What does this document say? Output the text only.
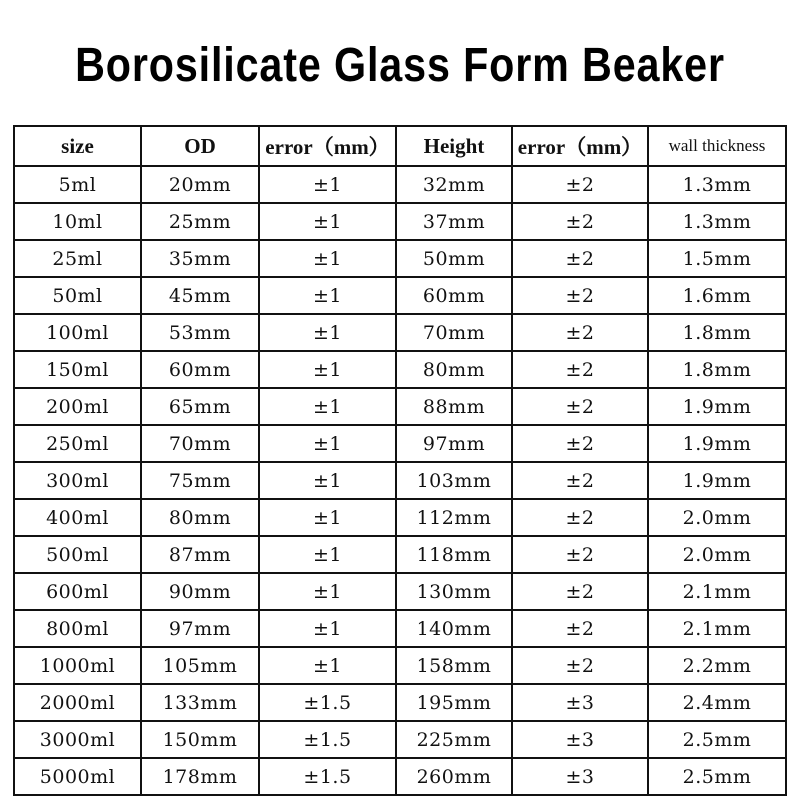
Borosilicate Glass Form Beaker
size	OD	error（mm）	Height	error（mm）	wall thickness
5ml	20mm	±1	32mm	±2	1.3mm
10ml	25mm	±1	37mm	±2	1.3mm
25ml	35mm	±1	50mm	±2	1.5mm
50ml	45mm	±1	60mm	±2	1.6mm
100ml	53mm	±1	70mm	±2	1.8mm
150ml	60mm	±1	80mm	±2	1.8mm
200ml	65mm	±1	88mm	±2	1.9mm
250ml	70mm	±1	97mm	±2	1.9mm
300ml	75mm	±1	103mm	±2	1.9mm
400ml	80mm	±1	112mm	±2	2.0mm
500ml	87mm	±1	118mm	±2	2.0mm
600ml	90mm	±1	130mm	±2	2.1mm
800ml	97mm	±1	140mm	±2	2.1mm
1000ml	105mm	±1	158mm	±2	2.2mm
2000ml	133mm	±1.5	195mm	±3	2.4mm
3000ml	150mm	±1.5	225mm	±3	2.5mm
5000ml	178mm	±1.5	260mm	±3	2.5mm
